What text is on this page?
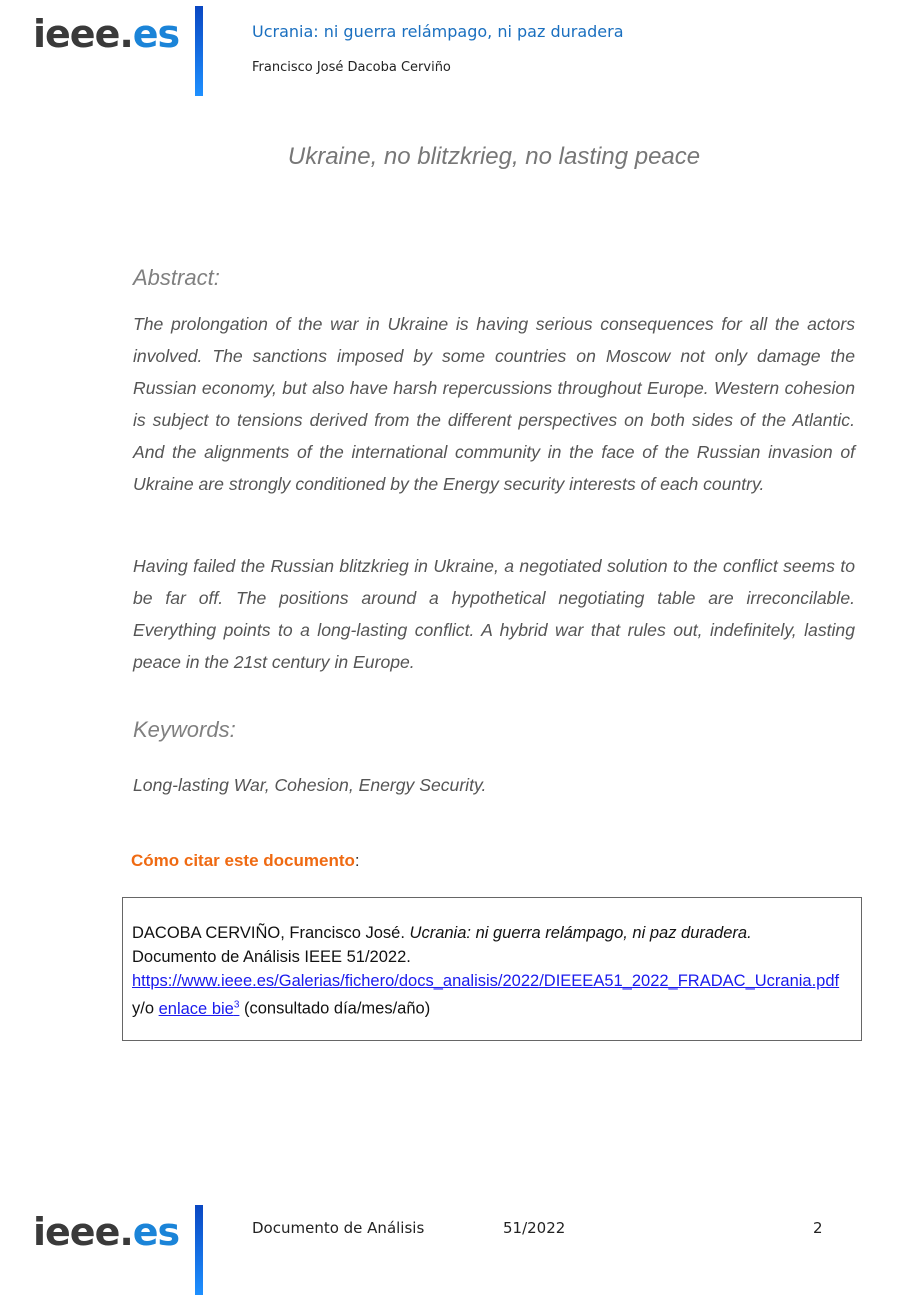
ieee.es	Ucrania: ni guerra relámpago, ni paz duradera
Francisco José Dacoba Cerviño
Ukraine, no blitzkrieg, no lasting peace
Abstract:

The prolongation of the war in Ukraine is having serious consequences for all the actors involved. The sanctions imposed by some countries on Moscow not only damage the Russian economy, but also have harsh repercussions throughout Europe. Western cohesion is subject to tensions derived from the different perspectives on both sides of the Atlantic. And the alignments of the international community in the face of the Russian invasion of Ukraine are strongly conditioned by the Energy security interests of each country.

Having failed the Russian blitzkrieg in Ukraine, a negotiated solution to the conflict seems to be far off. The positions around a hypothetical negotiating table are irreconcilable. Everything points to a long-lasting conflict. A hybrid war that rules out, indefinitely, lasting peace in the 21st century in Europe.

Keywords:

Long-lasting War, Cohesion, Energy Security.

Cómo citar este documento:
DACOBA CERVIÑO, Francisco José. Ucrania: ni guerra relámpago, ni paz duradera.
Documento de Análisis IEEE 51/2022.
https://www.ieee.es/Galerias/fichero/docs_analisis/2022/DIEEEA51_2022_FRADAC_Ucrania.pdf y/o enlace bie$^3$ (consultado día/mes/año)
ieee.es	Documento de Análisis	51/2022	2
